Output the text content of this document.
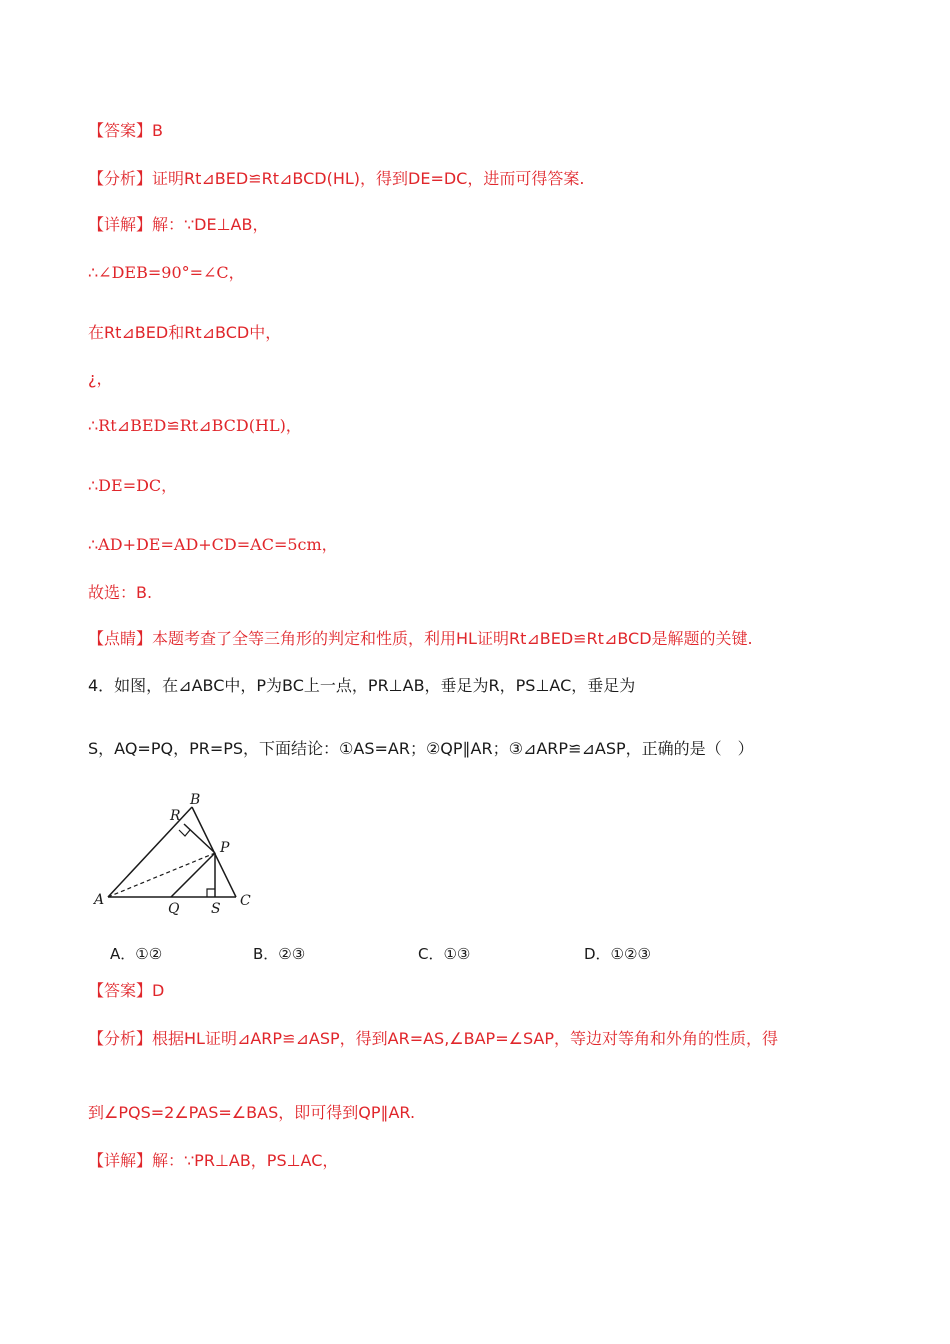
【答案】B
【分析】证明Rt⊿BED≌Rt⊿BCD(HL)，得到DE=DC，进而可得答案.
【详解】解：∵DE⊥AB，
∴∠DEB=90°=∠C，
在Rt⊿BED和Rt⊿BCD中，
¿，
∴Rt⊿BED≌Rt⊿BCD(HL)，
∴DE=DC，
∴AD+DE=AD+CD=AC=5cm，
故选：B.
【点睛】本题考查了全等三角形的判定和性质，利用HL证明Rt⊿BED≌Rt⊿BCD是解题的关键.
4．如图，在⊿ABC中，P为BC上一点，PR⊥AB，垂足为R，PS⊥AC，垂足为
S，AQ=PQ，PR=PS，下面结论：①AS=AR；②QP∥AR；③⊿ARP≌⊿ASP，正确的是（　）
A
B
C
R
P
Q S
A．①②	B．②③	C．①③	D．①②③
【答案】D
【分析】根据HL证明⊿ARP≌⊿ASP，得到AR=AS,∠BAP=∠SAP，等边对等角和外角的性质，得
到∠PQS=2∠PAS=∠BAS，即可得到QP∥AR.
【详解】解：∵PR⊥AB，PS⊥AC，
